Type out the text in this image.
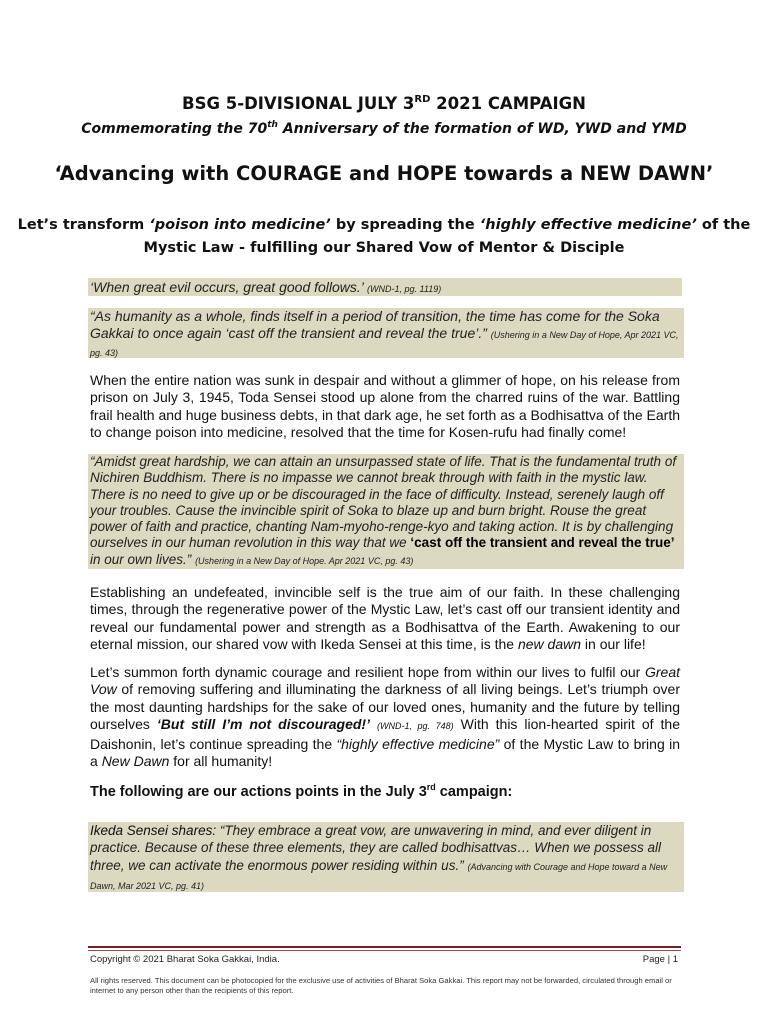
BSG 5-DIVISIONAL JULY 3RD 2021 CAMPAIGN
Commemorating the 70th Anniversary of the formation of WD, YWD and YMD
‘Advancing with COURAGE and HOPE towards a NEW DAWN’
Let’s transform ‘poison into medicine’ by spreading the ‘highly effective medicine’ of the Mystic Law - fulfilling our Shared Vow of Mentor & Disciple
‘When great evil occurs, great good follows.’ (WND-1, pg. 1119)
“As humanity as a whole, finds itself in a period of transition, the time has come for the Soka Gakkai to once again ‘cast off the transient and reveal the true’.” (Ushering in a New Day of Hope, Apr 2021 VC, pg. 43)
When the entire nation was sunk in despair and without a glimmer of hope, on his release from prison on July 3, 1945, Toda Sensei stood up alone from the charred ruins of the war. Battling frail health and huge business debts, in that dark age, he set forth as a Bodhisattva of the Earth to change poison into medicine, resolved that the time for Kosen-rufu had finally come!
“Amidst great hardship, we can attain an unsurpassed state of life. That is the fundamental truth of Nichiren Buddhism. There is no impasse we cannot break through with faith in the mystic law. There is no need to give up or be discouraged in the face of difficulty. Instead, serenely laugh off your troubles. Cause the invincible spirit of Soka to blaze up and burn bright. Rouse the great power of faith and practice, chanting Nam-myoho-renge-kyo and taking action. It is by challenging ourselves in our human revolution in this way that we ‘cast off the transient and reveal the true’ in our own lives.” (Ushering in a New Day of Hope. Apr 2021 VC, pg. 43)
Establishing an undefeated, invincible self is the true aim of our faith. In these challenging times, through the regenerative power of the Mystic Law, let’s cast off our transient identity and reveal our fundamental power and strength as a Bodhisattva of the Earth. Awakening to our eternal mission, our shared vow with Ikeda Sensei at this time, is the new dawn in our life!
Let’s summon forth dynamic courage and resilient hope from within our lives to fulfil our Great Vow of removing suffering and illuminating the darkness of all living beings. Let’s triumph over the most daunting hardships for the sake of our loved ones, humanity and the future by telling ourselves ‘But still I’m not discouraged!’ (WND-1, pg. 748) With this lion-hearted spirit of the Daishonin, let’s continue spreading the “highly effective medicine” of the Mystic Law to bring in a New Dawn for all humanity!
The following are our actions points in the July 3rd campaign:
Ikeda Sensei shares: “They embrace a great vow, are unwavering in mind, and ever diligent in practice. Because of these three elements, they are called bodhisattvas… When we possess all three, we can activate the enormous power residing within us.” (Advancing with Courage and Hope toward a New Dawn, Mar 2021 VC, pg. 41)
Copyright © 2021 Bharat Soka Gakkai, India.	Page | 1
All rights reserved. This document can be photocopied for the exclusive use of activities of Bharat Soka Gakkai. This report may not be forwarded, circulated through email or internet to any person other than the recipients of this report.
